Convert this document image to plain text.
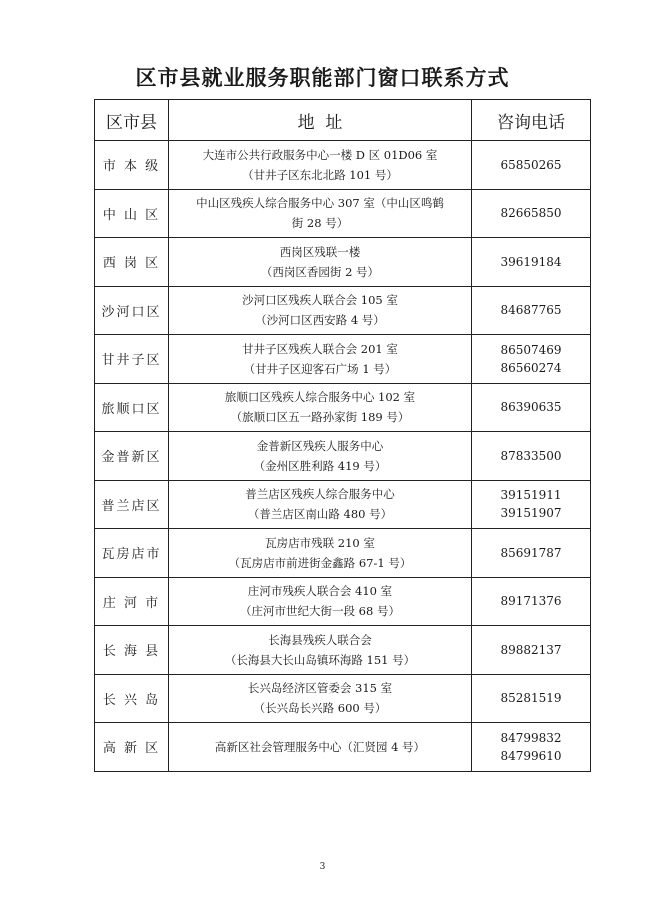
区市县就业服务职能部门窗口联系方式
区市县	地  址	咨询电话
市 本 级	大连市公共行政服务中心一楼 D 区 01D06 室
（甘井子区东北北路 101 号）	65850265

中 山 区	中山区残疾人综合服务中心 307 室（中山区鸣鹤
街 28 号）	82665850

西 岗 区	西岗区残联一楼
（西岗区香园街 2 号）	39619184

沙河口区	沙河口区残疾人联合会 105 室
（沙河口区西安路 4 号）	84687765

甘井子区	甘井子区残疾人联合会 201 室
（甘井子区迎客石广场 1 号）	86507469
86560274

旅顺口区	旅顺口区残疾人综合服务中心 102 室
（旅顺口区五一路孙家街 189 号）	86390635

金普新区	金普新区残疾人服务中心
（金州区胜利路 419 号）	87833500

普兰店区	普兰店区残疾人综合服务中心
（普兰店区南山路 480 号）	39151911
39151907

瓦房店市	瓦房店市残联 210 室
（瓦房店市前进街金鑫路 67-1 号）	85691787

庄 河 市	庄河市残疾人联合会 410 室
（庄河市世纪大街一段 68 号）	89171376

长 海 县	长海县残疾人联合会
（长海县大长山岛镇环海路 151 号）	89882137

长 兴 岛	长兴岛经济区管委会 315 室
（长兴岛长兴路 600 号）	85281519

高 新 区	高新区社会管理服务中心（汇贤园 4 号）	84799832
84799610
3
